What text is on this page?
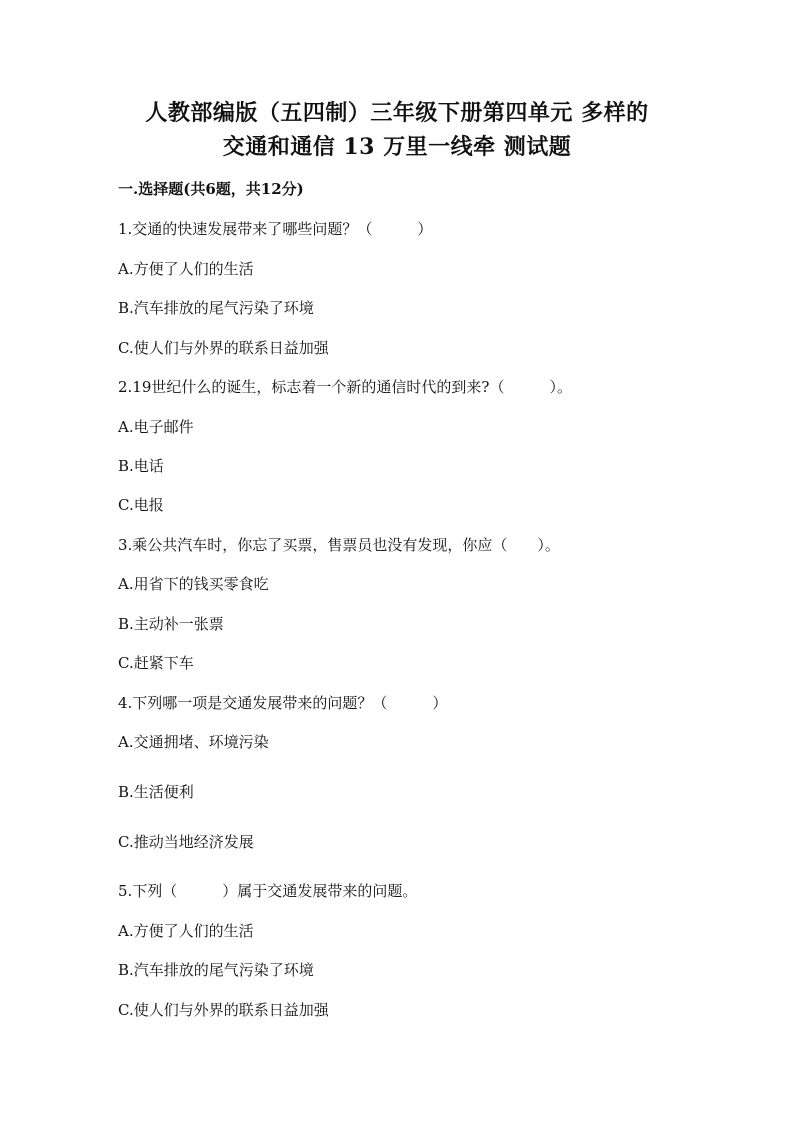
人教部编版（五四制）三年级下册第四单元 多样的
交通和通信 13 万里一线牵 测试题
一.选择题(共6题，共12分)
1.交通的快速发展带来了哪些问题？（　　　）
A.方便了人们的生活
B.汽车排放的尾气污染了环境
C.使人们与外界的联系日益加强
2.19世纪什么的诞生，标志着一个新的通信时代的到来?（　　　）。
A.电子邮件
B.电话
C.电报
3.乘公共汽车时，你忘了买票，售票员也没有发现，你应（　　）。
A.用省下的钱买零食吃
B.主动补一张票
C.赶紧下车
4.下列哪一项是交通发展带来的问题？（　　　）
A.交通拥堵、环境污染
B.生活便利
C.推动当地经济发展
5.下列（　　　）属于交通发展带来的问题。
A.方便了人们的生活
B.汽车排放的尾气污染了环境
C.使人们与外界的联系日益加强
